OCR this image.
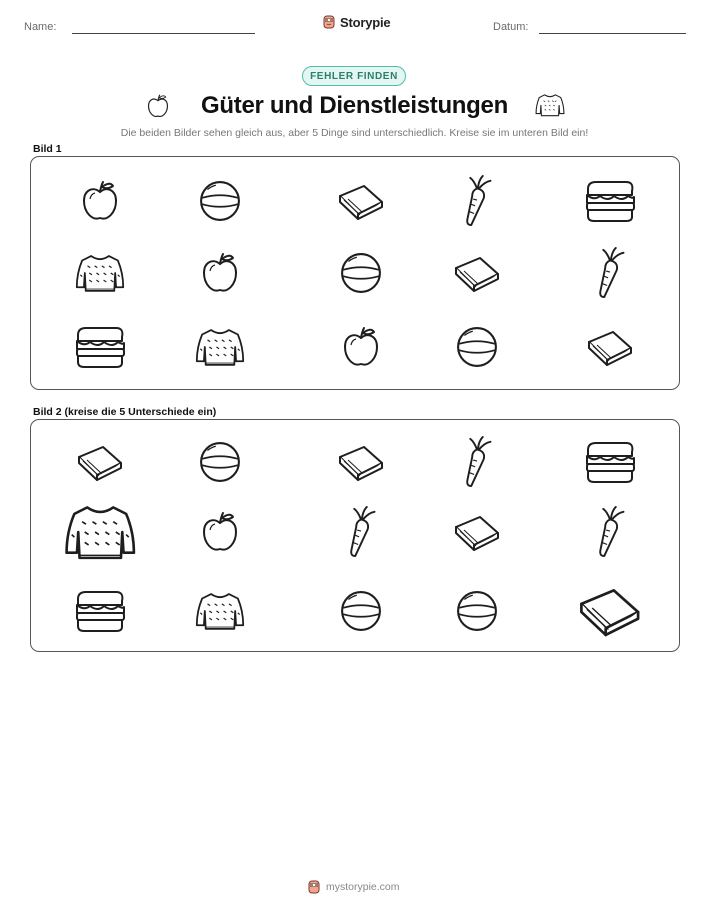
Name:	Storypie	Datum:
FEHLER FINDEN
Güter und Dienstleistungen
Die beiden Bilder sehen gleich aus, aber 5 Dinge sind unterschiedlich. Kreise sie im unteren Bild ein!
Bild 1
Bild 2 (kreise die 5 Unterschiede ein)
mystorypie.com
